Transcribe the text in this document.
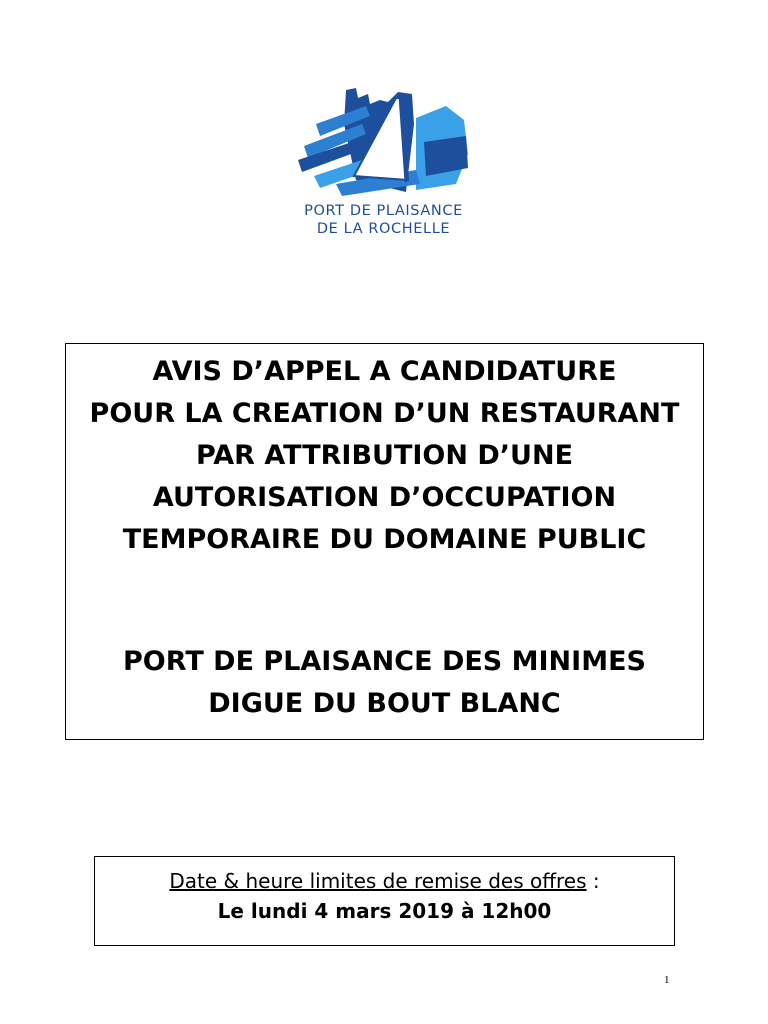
PORT DE PLAISANCE
DE LA ROCHELLE
AVIS D’APPEL A CANDIDATURE
POUR LA CREATION D’UN RESTAURANT
PAR ATTRIBUTION D’UNE
AUTORISATION D’OCCUPATION
TEMPORAIRE DU DOMAINE PUBLIC
PORT DE PLAISANCE DES MINIMES
DIGUE DU BOUT BLANC
Date & heure limites de remise des offres :
Le lundi 4 mars 2019 à 12h00
1
